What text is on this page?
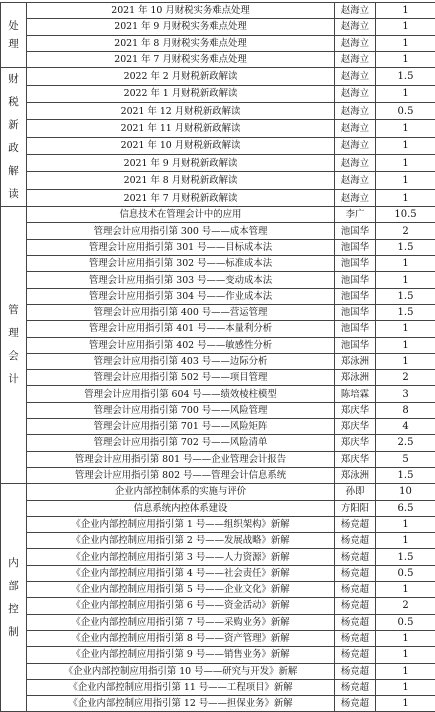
处理	2021 年 10 月财税实务难点处理	赵海立	1
	2021 年 9 月财税实务难点处理	赵海立	1
	2021 年 8 月财税实务难点处理	赵海立	1
	2021 年 7 月财税实务难点处理	赵海立	1
财税新政解读	2022 年 2 月财税新政解读	赵海立	1.5
	2022 年 1 月财税新政解读	赵海立	1
	2021 年 12 月财税新政解读	赵海立	0.5
	2021 年 11 月财税新政解读	赵海立	1
	2021 年 10 月财税新政解读	赵海立	1
	2021 年 9 月财税新政解读	赵海立	1
	2021 年 8 月财税新政解读	赵海立	1
	2021 年 7 月财税新政解读	赵海立	1
管理会计	信息技术在管理会计中的应用	李广	10.5
	管理会计应用指引第 300 号——成本管理	池国华	2
	管理会计应用指引第 301 号——目标成本法	池国华	1.5
	管理会计应用指引第 302 号——标准成本法	池国华	1
	管理会计应用指引第 303 号——变动成本法	池国华	1
	管理会计应用指引第 304 号——作业成本法	池国华	1.5
	管理会计应用指引第 400 号——营运管理	池国华	1.5
	管理会计应用指引第 401 号——本量利分析	池国华	1
	管理会计应用指引第 402 号——敏感性分析	池国华	1
	管理会计应用指引第 403 号——边际分析	郑泳洲	1
	管理会计应用指引第 502 号——项目管理	郑泳洲	2
	管理会计应用指引第 604 号——绩效棱柱模型	陈培霖	3
	管理会计应用指引第 700 号——风险管理	郑庆华	8
	管理会计应用指引第 701 号——风险矩阵	郑庆华	4
	管理会计应用指引第 702 号——风险清单	郑庆华	2.5
	管理会计应用指引第 801 号——企业管理会计报告	郑庆华	5
	管理会计应用指引第 802 号——管理会计信息系统	郑泳洲	1.5
内部控制	企业内部控制体系的实施与评价	孙即	10
	信息系统内控体系建设	方阳阳	6.5
	《企业内部控制应用指引第 1 号——组织架构》新解	杨竞超	1
	《企业内部控制应用指引第 2 号——发展战略》新解	杨竞超	1
	《企业内部控制应用指引第 3 号——人力资源》新解	杨竞超	1.5
	《企业内部控制应用指引第 4 号——社会责任》新解	杨竞超	0.5
	《企业内部控制应用指引第 5 号——企业文化》新解	杨竞超	1
	《企业内部控制应用指引第 6 号——资金活动》新解	杨竞超	2
	《企业内部控制应用指引第 7 号——采购业务》新解	杨竞超	0.5
	《企业内部控制应用指引第 8 号——资产管理》新解	杨竞超	1
	《企业内部控制应用指引第 9 号——销售业务》新解	杨竞超	1
	《企业内部控制应用指引第 10 号——研究与开发》新解	杨竞超	1
	《企业内部控制应用指引第 11 号——工程项目》新解	杨竞超	1
	《企业内部控制应用指引第 12 号——担保业务》新解	杨竞超	1
